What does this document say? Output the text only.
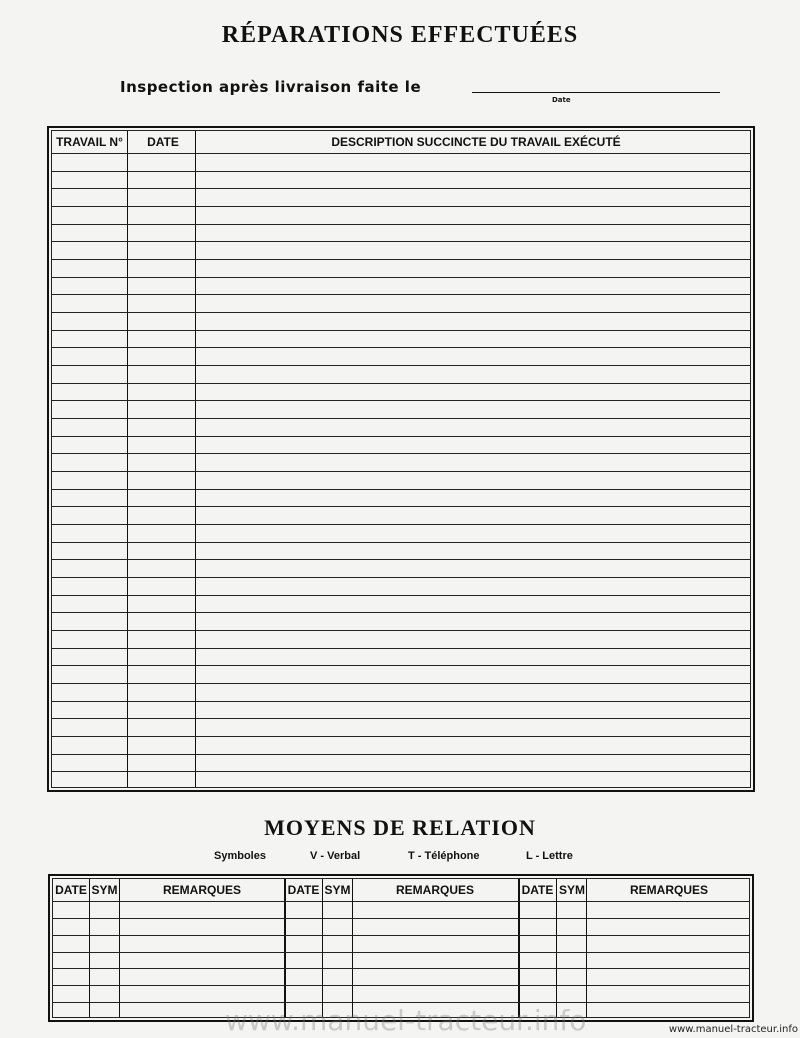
RÉPARATIONS EFFECTUÉES
Inspection après livraison faite le
Date
TRAVAIL N°	DATE	DESCRIPTION SUCCINCTE DU TRAVAIL EXÉCUTÉ
MOYENS DE RELATION
Symboles	V - Verbal	T - Téléphone	L - Lettre
DATE SYM	REMARQUES	DATE SYM	REMARQUES	DATE SYM	REMARQUES
www.manuel-tracteur.info	www.manuel-tracteur.info
